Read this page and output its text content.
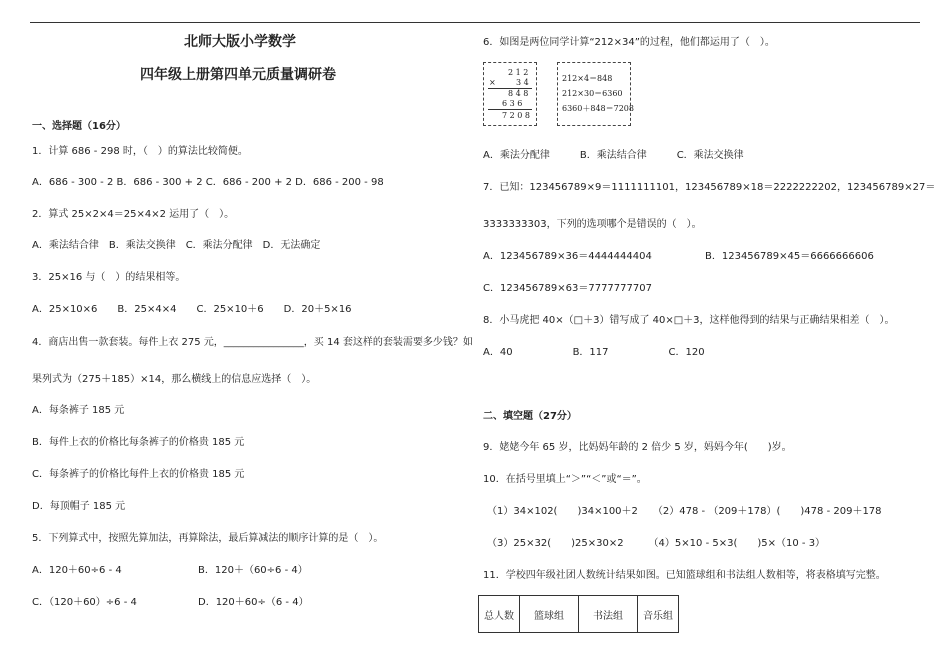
北师大版小学数学
四年级上册第四单元质量调研卷
一、选择题（16分）
1．计算 686 - 298 时，（　）的算法比较简便。
A．686 - 300 - 2 B．686 - 300 + 2 C．686 - 200 + 2 D．686 - 200 - 98
2．算式 25×2×4＝25×4×2 运用了（　）。
A．乘法结合律　B．乘法交换律　C．乘法分配律　D．无法确定
3．25×16 与（　）的结果相等。
A．25×10×6　　B．25×4×4　　C．25×10＋6　　D．20＋5×16
4．商店出售一款套装。每件上衣 275 元，________________，买 14 套这样的套装需要多少钱？如
果列式为（275＋185）×14，那么横线上的信息应选择（　）。
A．每条裤子 185 元
B．每件上衣的价格比每条裤子的价格贵 185 元
C．每条裤子的价格比每件上衣的价格贵 185 元
D．每顶帽子 185 元
5．下列算式中，按照先算加法，再算除法，最后算减法的顺序计算的是（　）。
A．120＋60÷6 - 4	B．120＋（60÷6 - 4）
C．（120＋60）÷6 - 4	D．120＋60÷（6 - 4）
6．如图是两位同学计算“212×34”的过程，他们都运用了（　）。
2 1 2
×	3 4
8 4 8
6 3 6
7 2 0 8
212×4＝848
212×30＝6360
6360＋848＝7208
A．乘法分配律　　　B．乘法结合律　　　C．乘法交换律
7．已知：123456789×9＝1111111101，123456789×18＝2222222202，123456789×27＝
3333333303，下列的选项哪个是错误的（　）。
A．123456789×36＝4444444404	B．123456789×45＝6666666606
C．123456789×63＝7777777707
8．小马虎把 40×（□＋3）错写成了 40×□＋3，这样他得到的结果与正确结果相差（　）。
A．40　　　　　　B．117　　　　　　C．120
二、填空题（27分）
9．姥姥今年 65 岁，比妈妈年龄的 2 倍少 5 岁，妈妈今年(　　)岁。
10．在括号里填上“＞”“＜”或“＝”。
（1）34×102(　　)34×100＋2　　（2）478 - （209＋178）(　　)478 - 209＋178
（3）25×32(　　)25×30×2　　　（4）5×10 - 5×3(　　)5×（10 - 3）
11．学校四年级社团人数统计结果如图。已知篮球组和书法组人数相等，将表格填写完整。
总人数	篮球组	书法组	音乐组
